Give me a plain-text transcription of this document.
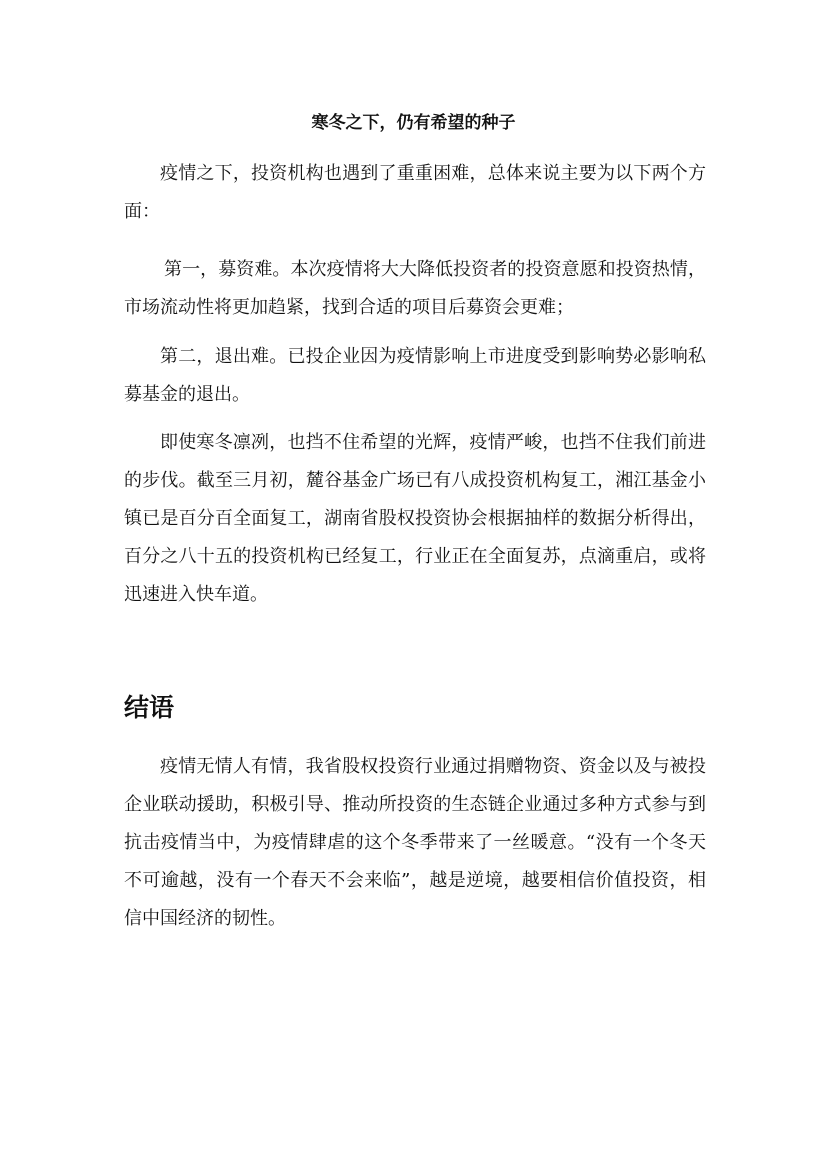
寒冬之下，仍有希望的种子

疫情之下，投资机构也遇到了重重困难，总体来说主要为以下两个方面：

第一，募资难。本次疫情将大大降低投资者的投资意愿和投资热情，市场流动性将更加趋紧，找到合适的项目后募资会更难；

第二，退出难。已投企业因为疫情影响上市进度受到影响势必影响私募基金的退出。

即使寒冬凛冽，也挡不住希望的光辉，疫情严峻，也挡不住我们前进的步伐。截至三月初，麓谷基金广场已有八成投资机构复工，湘江基金小镇已是百分百全面复工，湖南省股权投资协会根据抽样的数据分析得出，百分之八十五的投资机构已经复工，行业正在全面复苏，点滴重启，或将迅速进入快车道。

结语

疫情无情人有情，我省股权投资行业通过捐赠物资、资金以及与被投企业联动援助，积极引导、推动所投资的生态链企业通过多种方式参与到抗击疫情当中，为疫情肆虐的这个冬季带来了一丝暖意。“没有一个冬天不可逾越，没有一个春天不会来临”，越是逆境，越要相信价值投资，相信中国经济的韧性。
